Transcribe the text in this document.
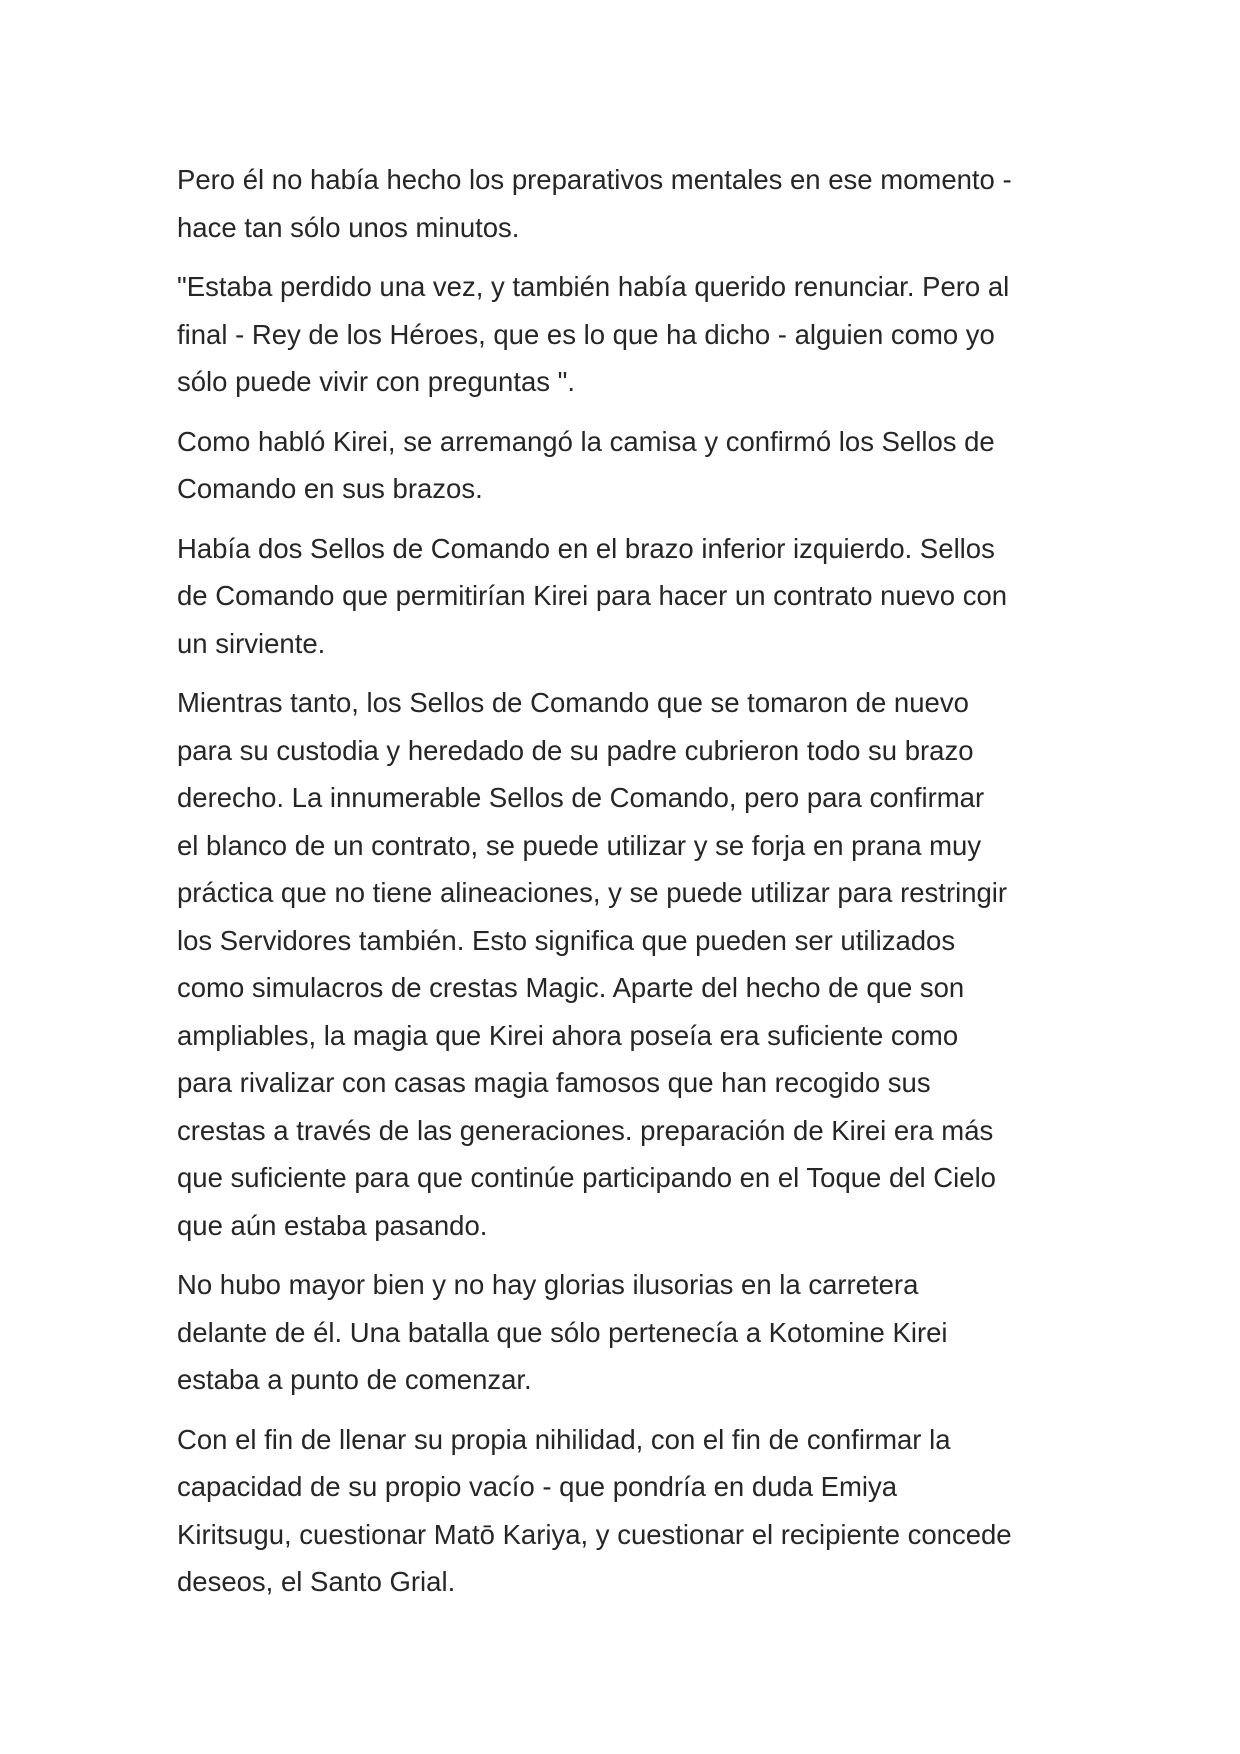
Pero él no había hecho los preparativos mentales en ese momento -
hace tan sólo unos minutos.

"Estaba perdido una vez, y también había querido renunciar. Pero al
final - Rey de los Héroes, que es lo que ha dicho - alguien como yo
sólo puede vivir con preguntas ".

Como habló Kirei, se arremangó la camisa y confirmó los Sellos de
Comando en sus brazos.

Había dos Sellos de Comando en el brazo inferior izquierdo. Sellos
de Comando que permitirían Kirei para hacer un contrato nuevo con
un sirviente.

Mientras tanto, los Sellos de Comando que se tomaron de nuevo
para su custodia y heredado de su padre cubrieron todo su brazo
derecho. La innumerable Sellos de Comando, pero para confirmar
el blanco de un contrato, se puede utilizar y se forja en prana muy
práctica que no tiene alineaciones, y se puede utilizar para restringir
los Servidores también. Esto significa que pueden ser utilizados
como simulacros de crestas Magic. Aparte del hecho de que son
ampliables, la magia que Kirei ahora poseía era suficiente como
para rivalizar con casas magia famosos que han recogido sus
crestas a través de las generaciones. preparación de Kirei era más
que suficiente para que continúe participando en el Toque del Cielo
que aún estaba pasando.

No hubo mayor bien y no hay glorias ilusorias en la carretera
delante de él. Una batalla que sólo pertenecía a Kotomine Kirei
estaba a punto de comenzar.

Con el fin de llenar su propia nihilidad, con el fin de confirmar la
capacidad de su propio vacío - que pondría en duda Emiya
Kiritsugu, cuestionar Matō Kariya, y cuestionar el recipiente concede
deseos, el Santo Grial.
